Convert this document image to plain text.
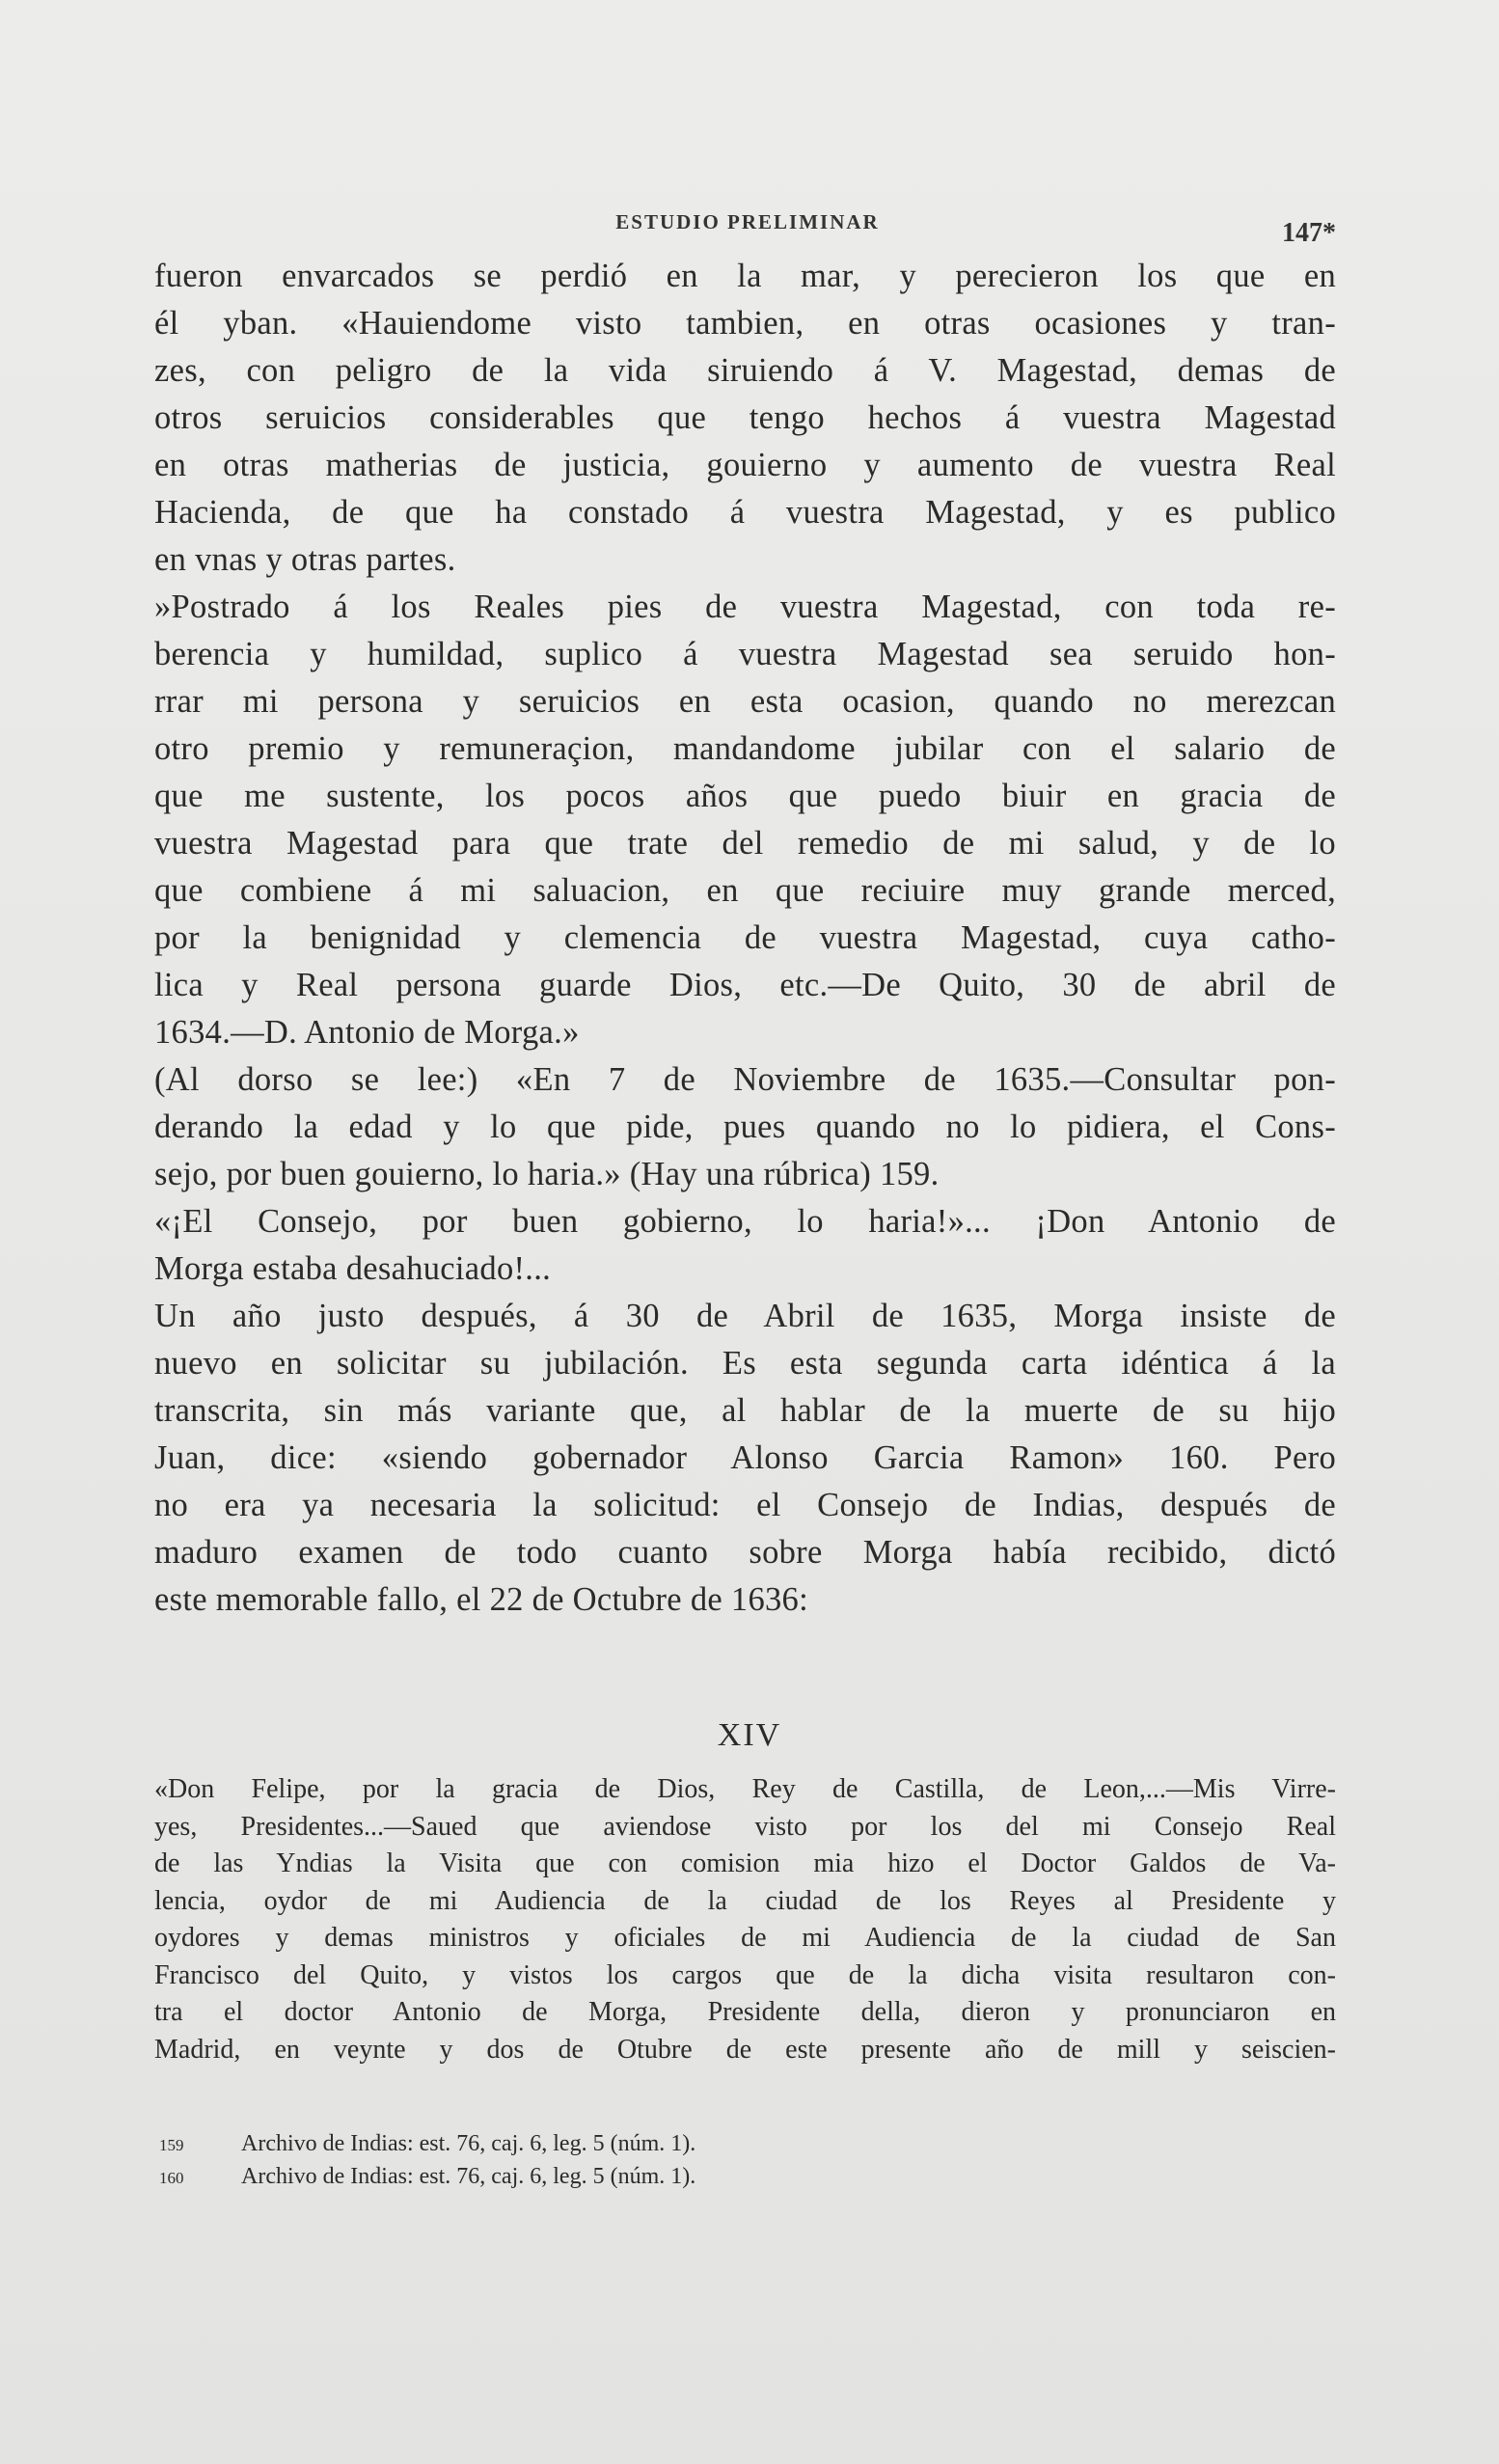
ESTUDIO PRELIMINAR	147*
fueron envarcados se perdió en la mar, y perecieron los que en
él yban. «Hauiendome visto tambien, en otras ocasiones y tran-
zes, con peligro de la vida siruiendo á V. Magestad, demas de
otros seruicios considerables que tengo hechos á vuestra Magestad
en otras matherias de justicia, gouierno y aumento de vuestra Real
Hacienda, de que ha constado á vuestra Magestad, y es publico
en vnas y otras partes.
»Postrado á los Reales pies de vuestra Magestad, con toda re-
berencia y humildad, suplico á vuestra Magestad sea seruido hon-
rrar mi persona y seruicios en esta ocasion, quando no merezcan
otro premio y remuneraçion, mandandome jubilar con el salario de
que me sustente, los pocos años que puedo biuir en gracia de
vuestra Magestad para que trate del remedio de mi salud, y de lo
que combiene á mi saluacion, en que reciuire muy grande merced,
por la benignidad y clemencia de vuestra Magestad, cuya catho-
lica y Real persona guarde Dios, etc.—De Quito, 30 de abril de
1634.—D. Antonio de Morga.»
(Al dorso se lee:) «En 7 de Noviembre de 1635.—Consultar pon-
derando la edad y lo que pide, pues quando no lo pidiera, el Cons-
sejo, por buen gouierno, lo haria.» (Hay una rúbrica) 159.
«¡El Consejo, por buen gobierno, lo haria!»... ¡Don Antonio de
Morga estaba desahuciado!...
Un año justo después, á 30 de Abril de 1635, Morga insiste de
nuevo en solicitar su jubilación. Es esta segunda carta idéntica á la
transcrita, sin más variante que, al hablar de la muerte de su hijo
Juan, dice: «siendo gobernador Alonso Garcia Ramon» 160. Pero
no era ya necesaria la solicitud: el Consejo de Indias, después de
maduro examen de todo cuanto sobre Morga había recibido, dictó
este memorable fallo, el 22 de Octubre de 1636:
XIV
«Don Felipe, por la gracia de Dios, Rey de Castilla, de Leon,...—Mis Virre-
yes, Presidentes...—Saued que aviendose visto por los del mi Consejo Real
de las Yndias la Visita que con comision mia hizo el Doctor Galdos de Va-
lencia, oydor de mi Audiencia de la ciudad de los Reyes al Presidente y
oydores y demas ministros y oficiales de mi Audiencia de la ciudad de San
Francisco del Quito, y vistos los cargos que de la dicha visita resultaron con-
tra el doctor Antonio de Morga, Presidente della, dieron y pronunciaron en
Madrid, en veynte y dos de Otubre de este presente año de mill y seiscien-
159 Archivo de Indias: est. 76, caj. 6, leg. 5 (núm. 1).
160 Archivo de Indias: est. 76, caj. 6, leg. 5 (núm. 1).
